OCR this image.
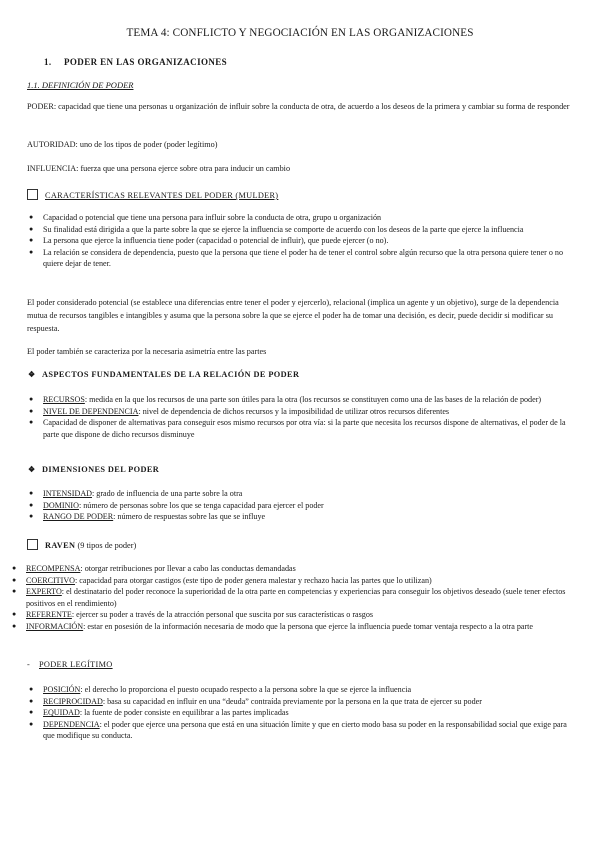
TEMA 4: CONFLICTO Y NEGOCIACIÓN EN LAS ORGANIZACIONES
1. PODER EN LAS ORGANIZACIONES
1.1. DEFINICIÓN DE PODER
PODER: capacidad que tiene una personas u organización de influir sobre la conducta de otra, de acuerdo a los deseos de la primera y cambiar su forma de responder
AUTORIDAD: uno de los tipos de poder (poder legítimo)
INFLUENCIA: fuerza que una persona ejerce sobre otra para inducir un cambio
CARACTERÍSTICAS RELEVANTES DEL PODER (MULDER)
● Capacidad o potencial que tiene una persona para influir sobre la conducta de otra, grupo u organización
● Su finalidad está dirigida a que la parte sobre la que se ejerce la influencia se comporte de acuerdo con los deseos de la parte que ejerce la influencia
● La persona que ejerce la influencia tiene poder (capacidad o potencial de influir), que puede ejercer (o no).
● La relación se considera de dependencia, puesto que la persona que tiene el poder ha de tener el control sobre algún recurso que la otra persona quiere tener o no quiere dejar de tener.
El poder considerado potencial (se establece una diferencias entre tener el poder y ejercerlo), relacional (implica un agente y un objetivo), surge de la dependencia mutua de recursos tangibles e intangibles y asuma que la persona sobre la que se ejerce el poder ha de tomar una decisión, es decir, puede decidir si modificar su respuesta.
El poder también se caracteriza por la necesaria asimetría entre las partes
❖ ASPECTOS FUNDAMENTALES DE LA RELACIÓN DE PODER
● RECURSOS: medida en la que los recursos de una parte son útiles para la otra (los recursos se constituyen como una de las bases de la relación de poder)
● NIVEL DE DEPENDENCIA: nivel de dependencia de dichos recursos y la imposibilidad de utilizar otros recursos diferentes
● Capacidad de disponer de alternativas para conseguir esos mismo recursos por otra vía: si la parte que necesita los recursos dispone de alternativas, el poder de la parte que dispone de dicho recursos disminuye
❖ DIMENSIONES DEL PODER
● INTENSIDAD: grado de influencia de una parte sobre la otra
● DOMINIO: número de personas sobre los que se tenga capacidad para ejercer el poder
● RANGO DE PODER: número de respuestas sobre las que se influye
RAVEN (9 tipos de poder)
● RECOMPENSA: otorgar retribuciones por llevar a cabo las conductas demandadas
● COERCITIVO: capacidad para otorgar castigos (este tipo de poder genera malestar y rechazo hacia las partes que lo utilizan)
● EXPERTO: el destinatario del poder reconoce la superioridad de la otra parte en competencias y experiencias para conseguir los objetivos deseado (suele tener efectos positivos en el rendimiento)
● REFERENTE: ejercer su poder a través de la atracción personal que suscita por sus características o rasgos
● INFORMACIÓN: estar en posesión de la información necesaria de modo que la persona que ejerce la influencia puede tomar ventaja respecto a la otra parte
- PODER LEGÍTIMO
● POSICIÓN: el derecho lo proporciona el puesto ocupado respecto a la persona sobre la que se ejerce la influencia
● RECIPROCIDAD: basa su capacidad en influir en una “deuda” contraída previamente por la persona en la que trata de ejercer su poder
● EQUIDAD: la fuente de poder consiste en equilibrar a las partes implicadas
● DEPENDENCIA: el poder que ejerce una persona que está en una situación límite y que en cierto modo basa su poder en la responsabilidad social que exige para que modifique su conducta.
